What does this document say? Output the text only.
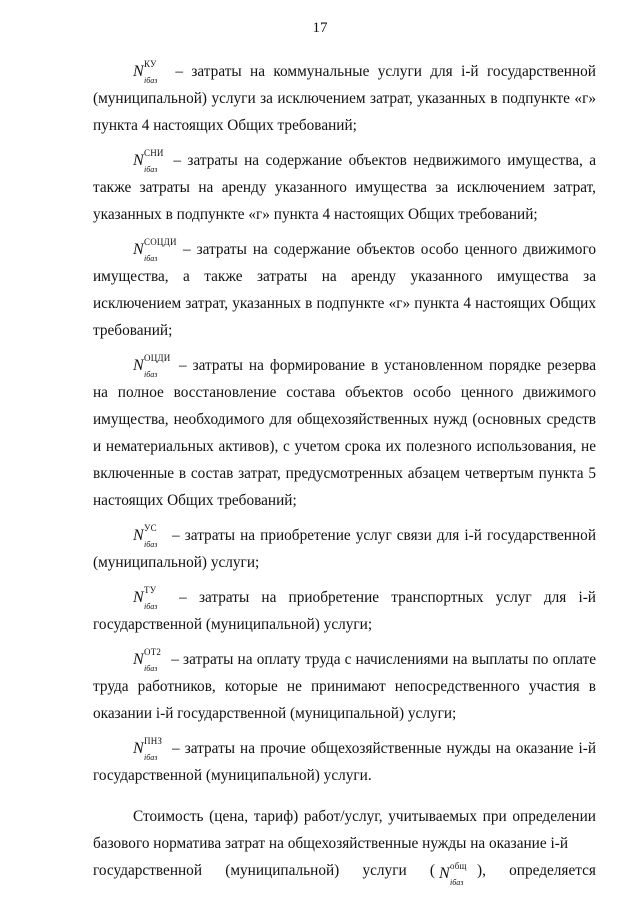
17

N КУ
iбаз
– затраты на коммунальные услуги для i-й государственной (муниципальной) услуги за исключением затрат, указанных в подпункте «г» пункта 4 настоящих Общих требований;

N СНИ
iбаз
– затраты на содержание объектов недвижимого имущества, а также затраты на аренду указанного имущества за исключением затрат, указанных в подпункте «г» пункта 4 настоящих Общих требований;

N СОЦДИ
iбаз
– затраты на содержание объектов особо ценного движимого имущества, а также затраты на аренду указанного имущества за исключением затрат, указанных в подпункте «г» пункта 4 настоящих Общих требований;

N ОЦДИ
iбаз
– затраты на формирование в установленном порядке резерва на полное восстановление состава объектов особо ценного движимого имущества, необходимого для общехозяйственных нужд (основных средств и нематериальных активов), с учетом срока их полезного использования, не включенные в состав затрат, предусмотренных абзацем четвертым пункта 5 настоящих Общих требований;

N УС
iбаз
– затраты на приобретение услуг связи для i-й государственной (муниципальной) услуги;

N ТУ
iбаз
– затраты на приобретение транспортных услуг для i-й государственной (муниципальной) услуги;

N ОТ2
iбаз
– затраты на оплату труда с начислениями на выплаты по оплате труда работников, которые не принимают непосредственного участия в оказании i-й государственной (муниципальной) услуги;

N ПНЗ
iбаз
– затраты на прочие общехозяйственные нужды на оказание i-й государственной (муниципальной) услуги.

Стоимость (цена, тариф) работ/услуг, учитываемых при определении базового норматива затрат на общехозяйственные нужды на оказание i-й

государственной (муниципальной) услуги ( N общ
iбаз
), определяется
